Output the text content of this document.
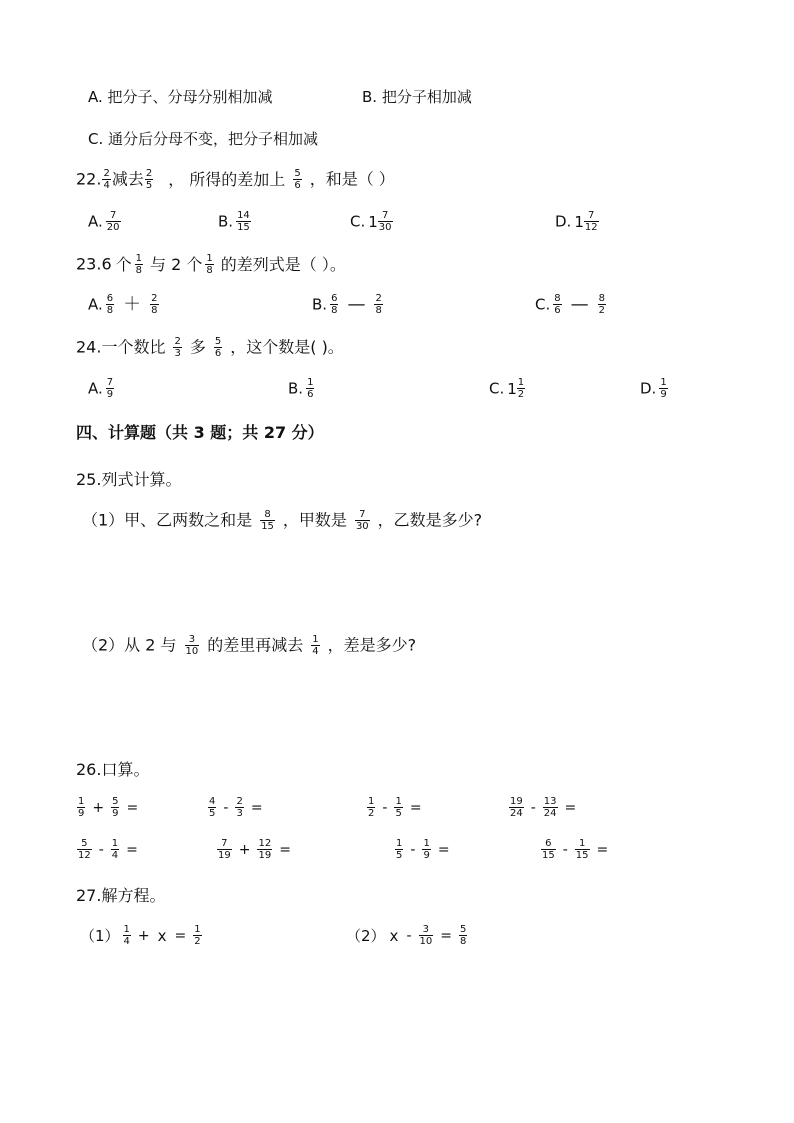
A. 把分子、分母分别相加减	B. 把分子相加减
C. 通分后分母不变，把分子相加减
22. $\frac{2}{4}$ 减去 $\frac{2}{5}$ ， 所得的差加上 $\frac{5}{6}$ ，和是（ ）
A. $\frac{7}{20}$	B. $\frac{14}{15}$	C. $1 \frac{7}{30}$	D. $1 \frac{7}{12}$
23.6 个 $\frac{1}{8}$ 与 2 个 $\frac{1}{8}$ 的差列式是（ ）。
A. $\frac{6}{8} + \frac{2}{8}$	B. $\frac{6}{8}$ — $\frac{2}{8}$	C. $\frac{8}{6}$ — $\frac{8}{2}$
24.一个数比 $\frac{2}{3}$ 多 $\frac{5}{6}$ ，这个数是( )。
A. $\frac{7}{9}$	B. $\frac{1}{6}$	C. $1 \frac{1}{2}$	D. $\frac{1}{9}$
四、计算题（共 3 题；共 27 分）
25.列式计算。
（1）甲、乙两数之和是 $\frac{8}{15}$ ，甲数是 $\frac{7}{30}$ ，乙数是多少?
（2）从 2 与 $\frac{3}{10}$ 的差里再减去 $\frac{1}{4}$ ，差是多少?
26.口算。
$\frac{1}{9} + \frac{5}{9}$ =	$\frac{4}{5} - \frac{2}{3}$ =	$\frac{1}{2} - \frac{1}{5}$ =	$\frac{19}{24} - \frac{13}{24}$ =
$\frac{5}{12} - \frac{1}{4}$ =	$\frac{7}{19} + \frac{12}{19}$ =	$\frac{1}{5} - \frac{1}{9}$ =	$\frac{6}{15} - \frac{1}{15}$ =
27.解方程。
$(1) \frac{1}{4} + x = \frac{1}{2}$	（2） $x - \frac{3}{10} = \frac{5}{8}$
